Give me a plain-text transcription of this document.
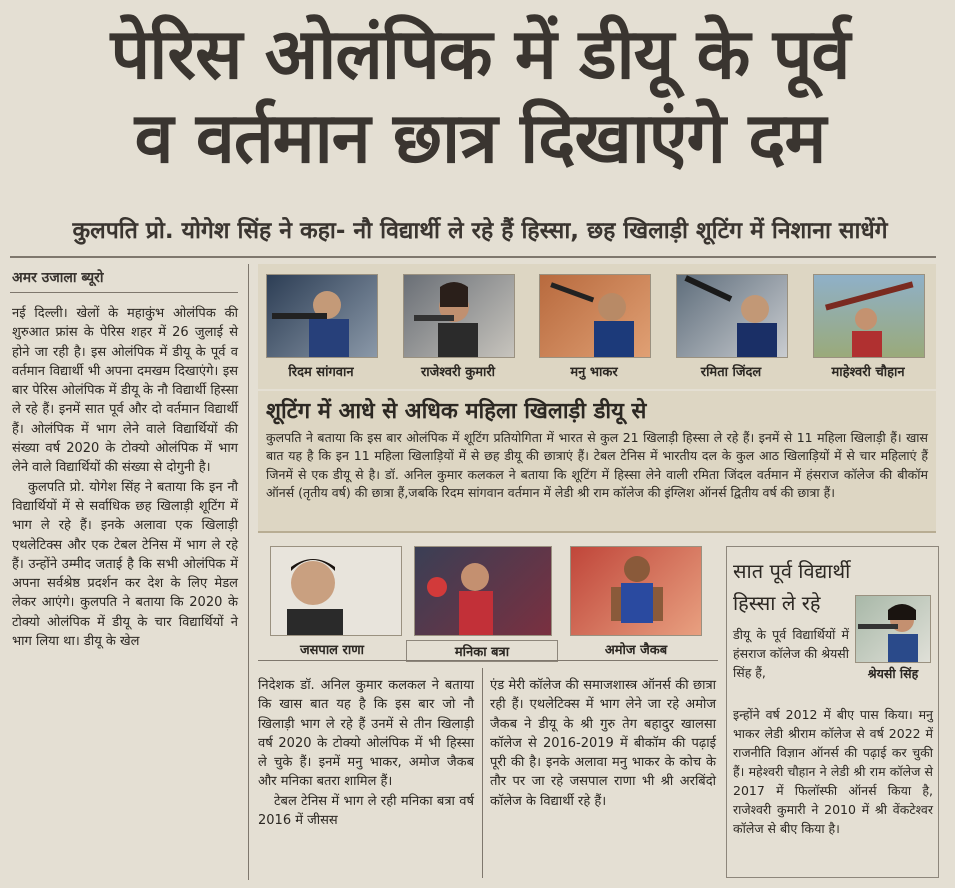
पेरिस ओलंपिक में डीयू के पूर्व
व वर्तमान छात्र दिखाएंगे दम
कुलपति प्रो. योगेश सिंह ने कहा- नौ विद्यार्थी ले रहे हैं हिस्सा, छह खिलाड़ी शूटिंग में निशाना साधेंगे
अमर उजाला ब्यूरो

नई दिल्ली। खेलों के महाकुंभ ओलंपिक की शुरुआत फ्रांस के पेरिस शहर में 26 जुलाई से होने जा रही है। इस ओलंपिक में डीयू के पूर्व व वर्तमान विद्यार्थी भी अपना दमखम दिखाएंगे। इस बार पेरिस ओलंपिक में डीयू के नौ विद्यार्थी हिस्सा ले रहे हैं। इनमें सात पूर्व और दो वर्तमान विद्यार्थी हैं। ओलंपिक में भाग लेने वाले विद्यार्थियों की संख्या वर्ष 2020 के टोक्यो ओलंपिक में भाग लेने वाले विद्यार्थियों की संख्या से दोगुनी है।

कुलपति प्रो. योगेश सिंह ने बताया कि इन नौ विद्यार्थियों में से सर्वाधिक छह खिलाड़ी शूटिंग में भाग ले रहे हैं। इनके अलावा एक खिलाड़ी एथलेटिक्स और एक टेबल टेनिस में भाग ले रहे हैं। उन्होंने उम्मीद जताई है कि सभी ओलंपिक में अपना सर्वश्रेष्ठ प्रदर्शन कर देश के लिए मेडल लेकर आएंगे। कुलपति ने बताया कि 2020 के टोक्यो ओलंपिक में डीयू के चार विद्यार्थियों ने भाग लिया था। डीयू के खेल

रिदम सांगवान	राजेश्वरी कुमारी	मनु भाकर	रमिता जिंदल	माहेश्वरी चौहान
शूटिंग में आधे से अधिक महिला खिलाड़ी डीयू से
कुलपति ने बताया कि इस बार ओलंपिक में शूटिंग प्रतियोगिता में भारत से कुल 21 खिलाड़ी हिस्सा ले रहे हैं। इनमें से 11 महिला खिलाड़ी हैं। खास बात यह है कि इन 11 महिला खिलाड़ियों में से छह डीयू की छात्राएं हैं। टेबल टेनिस में भारतीय दल के कुल आठ खिलाड़ियों में से चार महिलाएं हैं जिनमें से एक डीयू से है। डॉ. अनिल कुमार कलकल ने बताया कि शूटिंग में हिस्सा लेने वाली रमिता जिंदल वर्तमान में हंसराज कॉलेज की बीकॉम ऑनर्स (तृतीय वर्ष) की छात्रा हैं,जबकि रिदम सांगवान वर्तमान में लेडी श्री राम कॉलेज की इंग्लिश ऑनर्स द्वितीय वर्ष की छात्रा हैं।
जसपाल राणा	मनिका बत्रा	अमोज जैकब

निदेशक डॉ. अनिल कुमार कलकल ने बताया कि खास बात यह है कि इस बार जो नौ खिलाड़ी भाग ले रहे हैं उनमें से तीन खिलाड़ी वर्ष 2020 के टोक्यो ओलंपिक में भी हिस्सा ले चुके हैं। इनमें मनु भाकर, अमोज जैकब और मनिका बतरा शामिल हैं।

टेबल टेनिस में भाग ले रही मनिका बत्रा वर्ष 2016 में जीसस

एंड मेरी कॉलेज की समाजशास्त्र ऑनर्स की छात्रा रही हैं। एथलेटिक्स में भाग लेने जा रहे अमोज जैकब ने डीयू के श्री गुरु तेग बहादुर खालसा कॉलेज से 2016-2019 में बीकॉम की पढ़ाई पूरी की है। इनके अलावा मनु भाकर के कोच के तौर पर जा रहे जसपाल राणा भी श्री अरबिंदो कॉलेज के विद्यार्थी रहे हैं।

सात पूर्व विद्यार्थी
हिस्सा ले रहे
डीयू के पूर्व विद्यार्थियों में हंसराज कॉलेज की श्रेयसी सिंह हैं,	श्रेयसी सिंह
इन्होंने वर्ष 2012 में बीए पास किया। मनु भाकर लेडी श्रीराम कॉलेज से वर्ष 2022 में राजनीति विज्ञान ऑनर्स की पढ़ाई कर चुकी हैं। महेश्वरी चौहान ने लेडी श्री राम कॉलेज से 2017 में फिलॉस्फी ऑनर्स किया है, राजेश्वरी कुमारी ने 2010 में श्री वेंकटेश्वर कॉलेज से बीए किया है।
